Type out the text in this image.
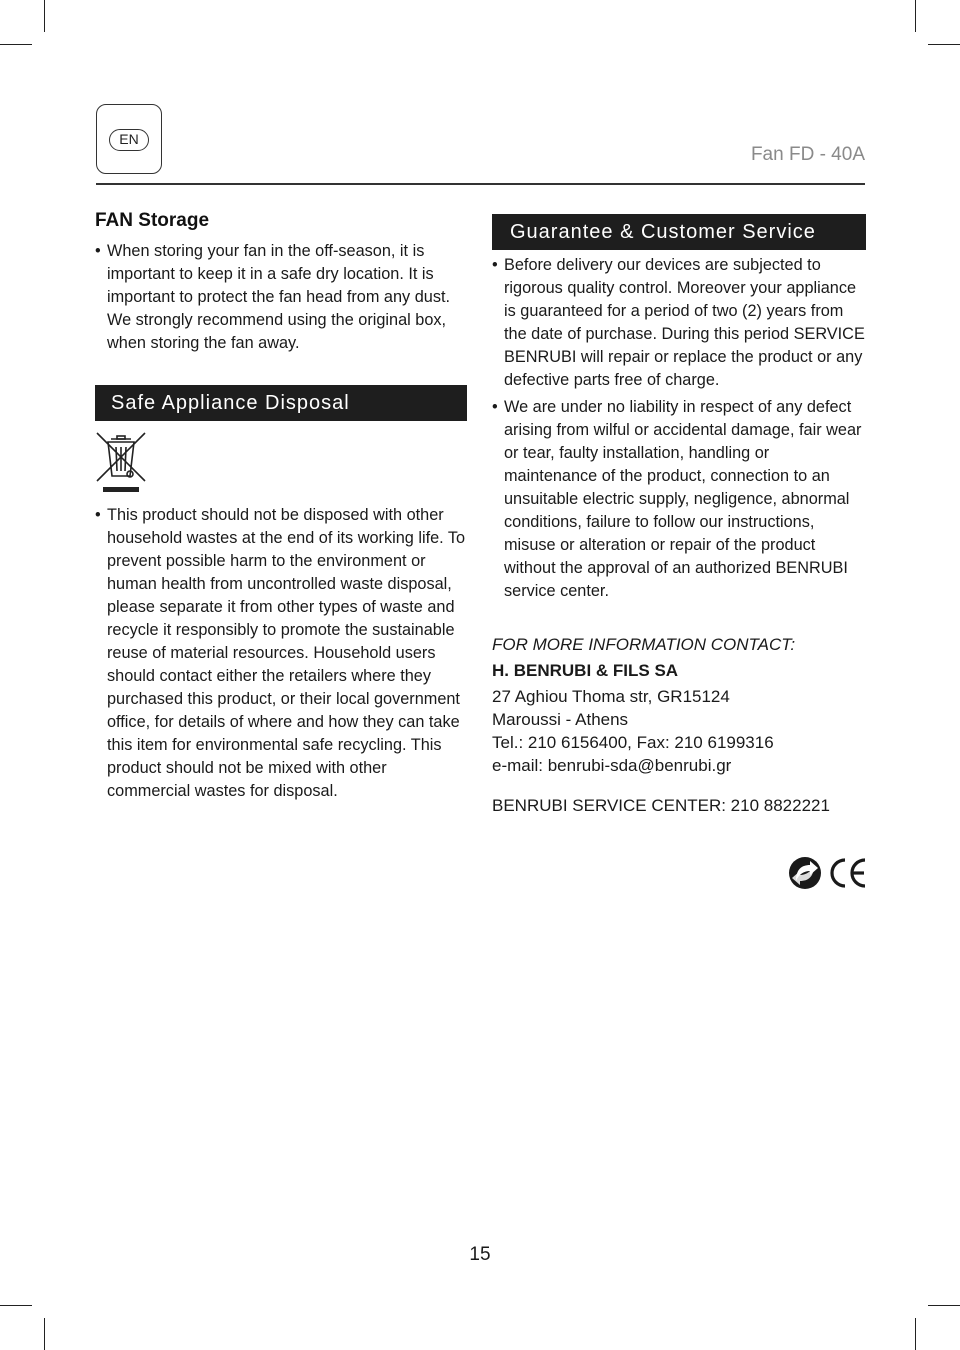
EN
Fan FD - 40A
FAN Storage
• When storing your fan in the off-season, it is important to keep it in a safe dry location. It is important to protect the fan head from any dust. We strongly recommend using the original box, when storing the fan away.
Safe Appliance Disposal
• This product should not be disposed with other household wastes at the end of its working life. To prevent possible harm to the environment or human health from uncontrolled waste disposal, please separate it from other types of waste and recycle it responsibly to promote the sustainable reuse of material resources. Household users should contact either the retailers where they purchased this product, or their local government office, for details of where and how they can take this item for environmental safe recycling. This product should not be mixed with other commercial wastes for disposal.
Guarantee & Customer Service
• Before delivery our devices are subjected to rigorous quality control. Moreover your appliance is guaranteed for a period of two (2) years from the date of purchase. During this period SERVICE BENRUBI will repair or replace the product or any defective parts free of charge.
• We are under no liability in respect of any defect arising from wilful or accidental damage, fair wear or tear, faulty installation, handling or maintenance of the product, connection to an unsuitable electric supply, negligence, abnormal conditions, failure to follow our instructions, misuse or alteration or repair of the product without the approval of an authorized BENRUBI service center.
FOR MORE INFORMATION CONTACT:
H. BENRUBI & FILS SA
27 Aghiou Thoma str, GR15124
Maroussi - Athens
Tel.: 210 6156400, Fax: 210 6199316
e-mail: benrubi-sda@benrubi.gr
BENRUBI SERVICE CENTER: 210 8822221
15
